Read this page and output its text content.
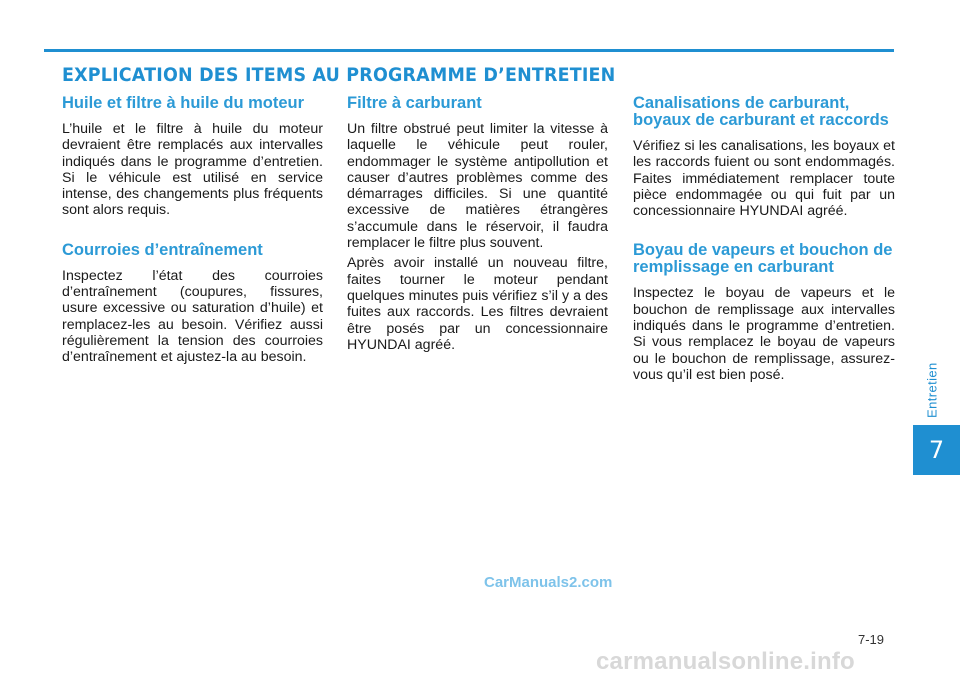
EXPLICATION DES ITEMS AU PROGRAMME D’ENTRETIEN
Huile et filtre à huile du moteur

L’huile et le filtre à huile du moteur devraient être remplacés aux intervalles indiqués dans le programme d’entretien. Si le véhicule est utilisé en service intense, des changements plus fréquents sont alors requis.

Courroies d’entraînement

Inspectez l’état des courroies d’entraînement (coupures, fissures, usure excessive ou saturation d’huile) et remplacez-les au besoin. Vérifiez aussi régulièrement la tension des courroies d’entraînement et ajustez-la au besoin.

Filtre à carburant

Un filtre obstrué peut limiter la vitesse à laquelle le véhicule peut rouler, endommager le système antipollution et causer d’autres problèmes comme des démarrages difficiles. Si une quantité excessive de matières étrangères s’accumule dans le réservoir, il faudra remplacer le filtre plus souvent.

Après avoir installé un nouveau filtre, faites tourner le moteur pendant quelques minutes puis vérifiez s’il y a des fuites aux raccords. Les filtres devraient être posés par un concessionnaire HYUNDAI agréé.

Canalisations de carburant, boyaux de carburant et raccords

Vérifiez si les canalisations, les boyaux et les raccords fuient ou sont endommagés. Faites immédiatement remplacer toute pièce endommagée ou qui fuit par un concessionnaire HYUNDAI agréé.

Boyau de vapeurs et bouchon de remplissage en carburant

Inspectez le boyau de vapeurs et le bouchon de remplissage aux intervalles indiqués dans le programme d’entretien. Si vous remplacez le boyau de vapeurs ou le bouchon de remplissage, assurez-vous qu’il est bien posé.	Entretien
7
CarManuals2.com
7-19
carmanualsonline.info
